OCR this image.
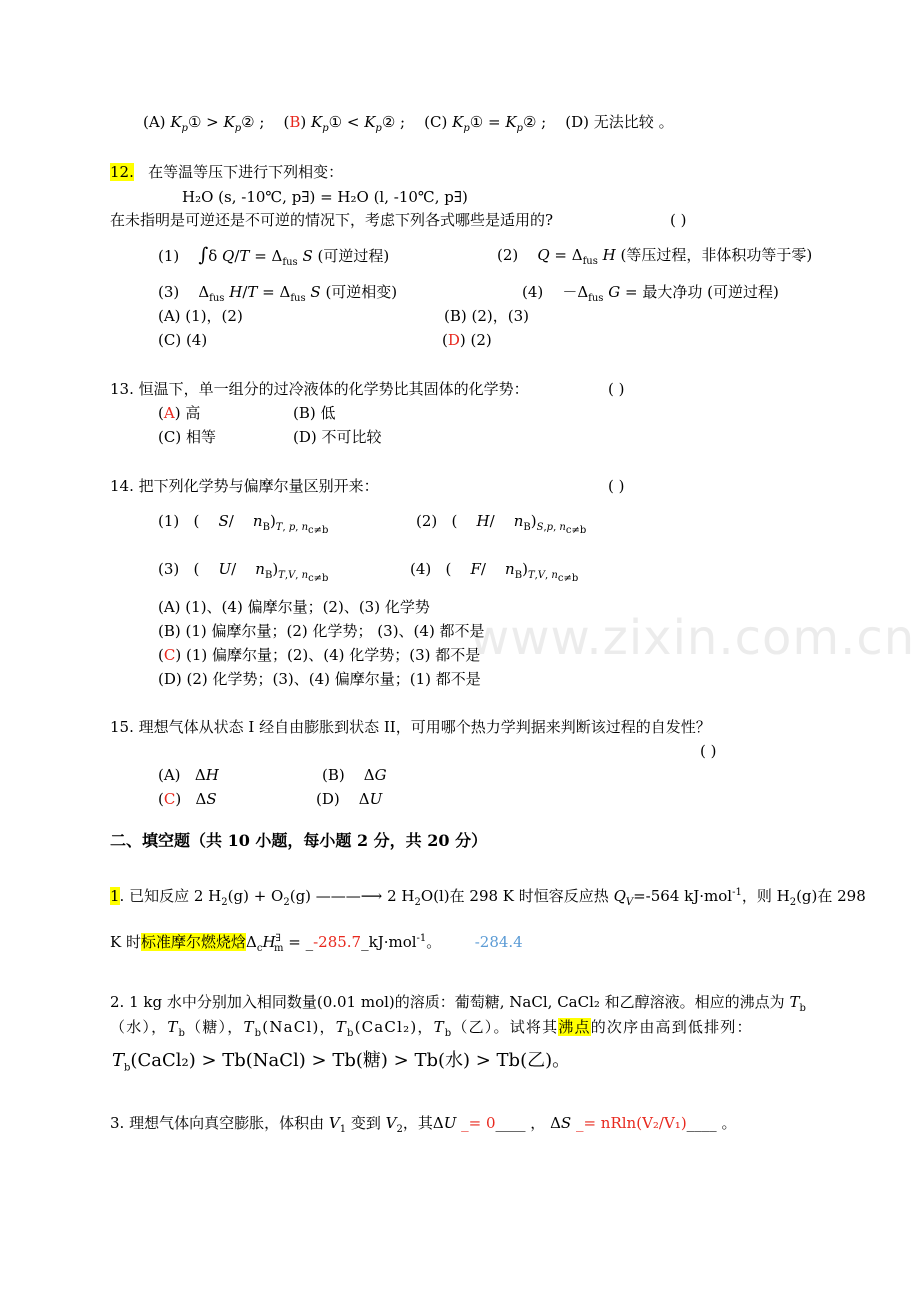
www.zixin.com.cn
(A) $K_p①$ > $K_p②$ ;    (B) $K_p①$ < $K_p②$ ; (C) $K_p①$ = $K_p②$ ; (D) 无法比较 。
12. 在等温等压下进行下列相变：
H₂O (s, -10℃, p∃) = H₂O (l, -10℃, p∃)
在未指明是可逆还是不可逆的情况下，考虑下列各式哪些是适用的?	( )
(1)    ∫δ $Q/T = \Delta_{fus}$ S (可逆过程)	(2)    $Q = \Delta_{fus}$ H (等压过程，非体积功等于零)
(3)    $\Delta_{fus}$ $H/T = \Delta_{fus}$ S (可逆相变)	(4)    $-\Delta_{fus}$ G = 最大净功 (可逆过程)
(A) (1)，(2)	(B) (2)，(3)
(C) (4)	(D) (2)
13. 恒温下，单一组分的过冷液体的化学势比其固体的化学势：	( )
(A) 高	(B) 低
(C) 相等	(D) 不可比较
14. 把下列化学势与偏摩尔量区别开来：	( )
(1)   (    S/    $n_B)_{T, p, n_{c\ne b}}$
(2)   (    H/    $n_B)_{S,p, n_{c\ne b}}$
(3)   (    U/    $n_B)_{T,V, n_{c\ne b}}$
(4)   (    F/    $n_B)_{T,V, n_{c\ne b}}$
(A) (1)、(4) 偏摩尔量；(2)、(3) 化学势
(B) (1) 偏摩尔量；(2) 化学势； (3)、(4) 都不是
(C) (1) 偏摩尔量；(2)、(4) 化学势；(3) 都不是
(D) (2) 化学势；(3)、(4) 偏摩尔量；(1) 都不是
15. 理想气体从状态 I 经自由膨胀到状态 II，可用哪个热力学判据来判断该过程的自发性？
( )
(A)   ΔH	(B)    ΔG
(C)   ΔS	(D)    ΔU
二、填空题（共 10 小题，每小题 2 分，共 20 分）
1. 已知反应 2 $H_2(g) + O_2(g)$ ———⟶ 2 $H_2O(l)$在 298 K 时恒容反应热 $Q_V=-564$ kJ·mol$^{-1}$，则 $H_2(g)$在 298
K 时标准摩尔燃烧焓$\Delta_cH^\exists_m$ = _-285.7_kJ·mol$^{-1}$。 -284.4
2. 1 kg 水中分别加入相同数量(0.01 mol)的溶质：葡萄糖, NaCl, CaCl₂ 和乙醇溶液。相应的沸点为 $T_b$
（水），$T_b$（糖），$T_b(NaCl)$，$T_b(CaCl_2)$，$T_b$（乙）。试将其沸点的次序由高到低排列：
$T_b(CaCl_2)$ > Tb(NaCl) > Tb(糖) > Tb(水) > Tb(乙)。
3. 理想气体向真空膨胀，体积由 $V_1$ 变到 $V_2$，其ΔU _= 0____ ， ΔS _= nRln(V₂/V₁)____ 。
